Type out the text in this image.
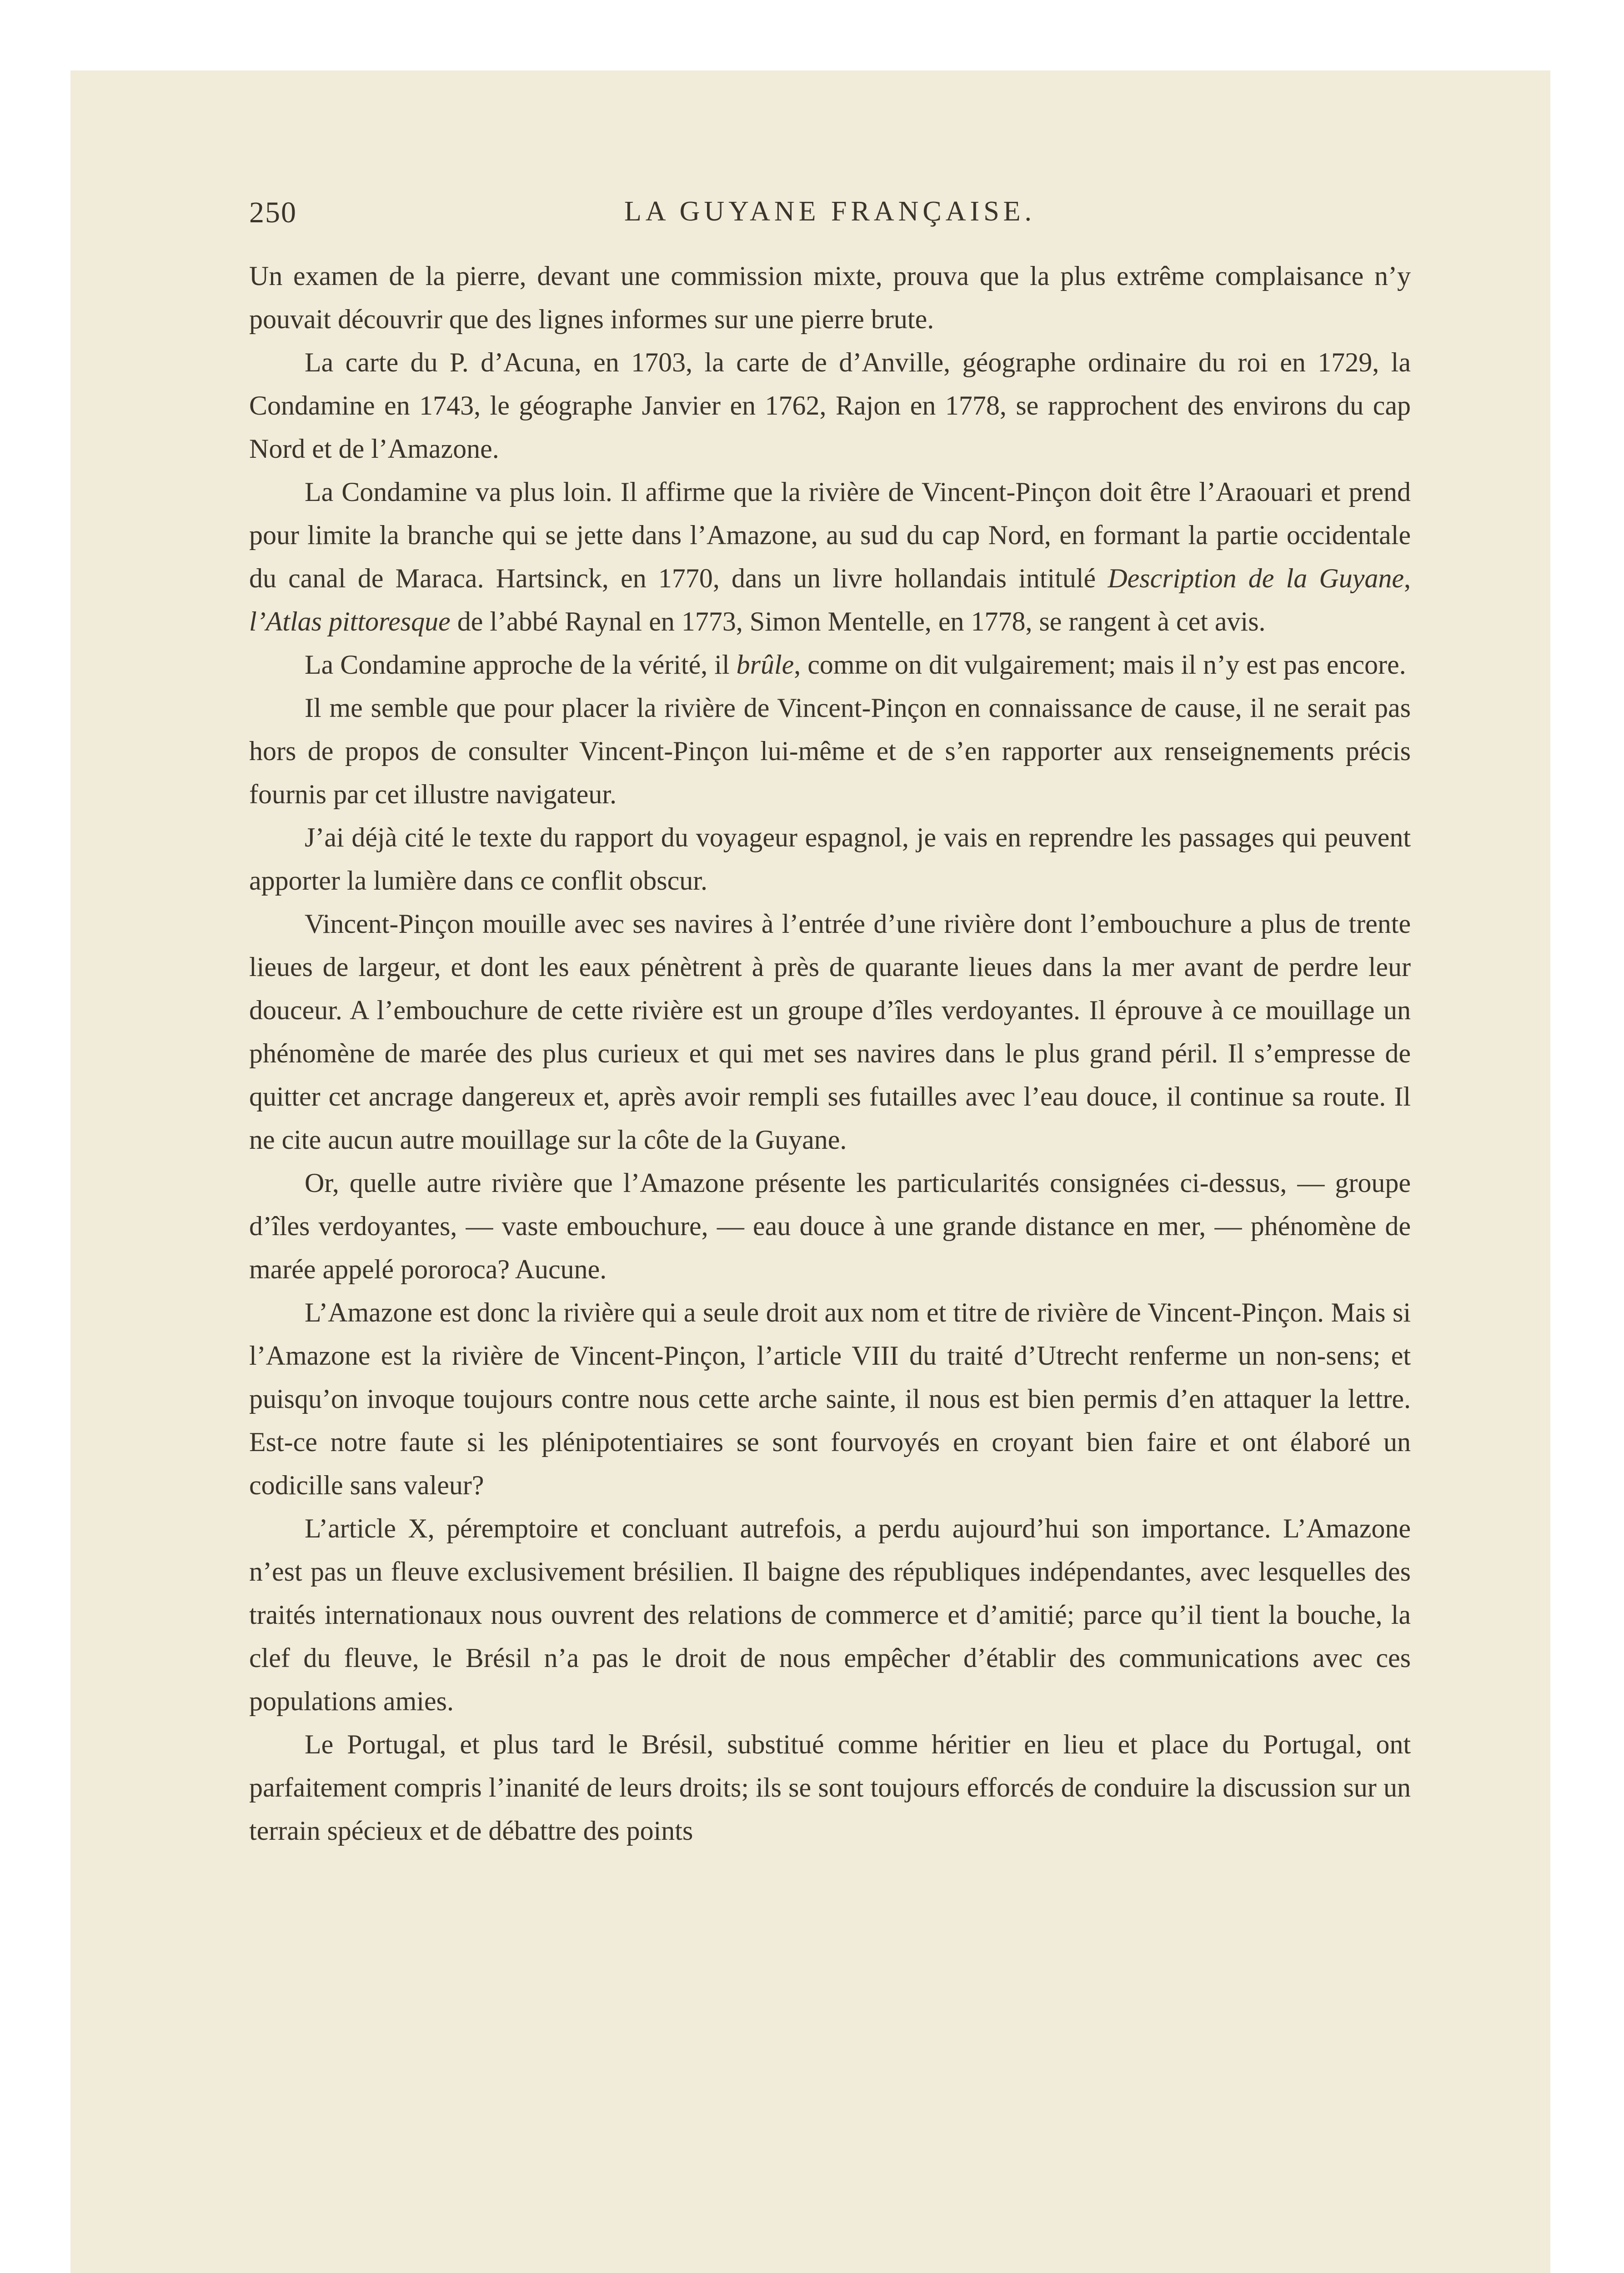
250	LA GUYANE FRANÇAISE.

Un examen de la pierre, devant une commission mixte, prouva que la plus extrême complaisance n’y pouvait découvrir que des lignes informes sur une pierre brute.

La carte du P. d’Acuna, en 1703, la carte de d’Anville, géographe ordinaire du roi en 1729, la Condamine en 1743, le géographe Janvier en 1762, Rajon en 1778, se rapprochent des environs du cap Nord et de l’Amazone.

La Condamine va plus loin. Il affirme que la rivière de Vincent-Pinçon doit être l’Araouari et prend pour limite la branche qui se jette dans l’Amazone, au sud du cap Nord, en formant la partie occidentale du canal de Maraca. Hartsinck, en 1770, dans un livre hollandais intitulé Description de la Guyane, l’Atlas pittoresque de l’abbé Raynal en 1773, Simon Mentelle, en 1778, se rangent à cet avis.

La Condamine approche de la vérité, il brûle, comme on dit vulgairement; mais il n’y est pas encore.

Il me semble que pour placer la rivière de Vincent-Pinçon en connaissance de cause, il ne serait pas hors de propos de consulter Vincent-Pinçon lui-même et de s’en rapporter aux renseignements précis fournis par cet illustre navigateur.

J’ai déjà cité le texte du rapport du voyageur espagnol, je vais en reprendre les passages qui peuvent apporter la lumière dans ce conflit obscur.

Vincent-Pinçon mouille avec ses navires à l’entrée d’une rivière dont l’embouchure a plus de trente lieues de largeur, et dont les eaux pénètrent à près de quarante lieues dans la mer avant de perdre leur douceur. A l’embouchure de cette rivière est un groupe d’îles verdoyantes. Il éprouve à ce mouillage un phénomène de marée des plus curieux et qui met ses navires dans le plus grand péril. Il s’empresse de quitter cet ancrage dangereux et, après avoir rempli ses futailles avec l’eau douce, il continue sa route. Il ne cite aucun autre mouillage sur la côte de la Guyane.

Or, quelle autre rivière que l’Amazone présente les particularités consignées ci-dessus, — groupe d’îles verdoyantes, — vaste embouchure, — eau douce à une grande distance en mer, — phénomène de marée appelé pororoca? Aucune.

L’Amazone est donc la rivière qui a seule droit aux nom et titre de rivière de Vincent-Pinçon. Mais si l’Amazone est la rivière de Vincent-Pinçon, l’article VIII du traité d’Utrecht renferme un non-sens; et puisqu’on invoque toujours contre nous cette arche sainte, il nous est bien permis d’en attaquer la lettre. Est-ce notre faute si les plénipotentiaires se sont fourvoyés en croyant bien faire et ont élaboré un codicille sans valeur?

L’article X, péremptoire et concluant autrefois, a perdu aujourd’hui son importance. L’Amazone n’est pas un fleuve exclusivement brésilien. Il baigne des républiques indépendantes, avec lesquelles des traités internationaux nous ouvrent des relations de commerce et d’amitié; parce qu’il tient la bouche, la clef du fleuve, le Brésil n’a pas le droit de nous empêcher d’établir des communications avec ces populations amies.

Le Portugal, et plus tard le Brésil, substitué comme héritier en lieu et place du Portugal, ont parfaitement compris l’inanité de leurs droits; ils se sont toujours efforcés de conduire la discussion sur un terrain spécieux et de débattre des points
